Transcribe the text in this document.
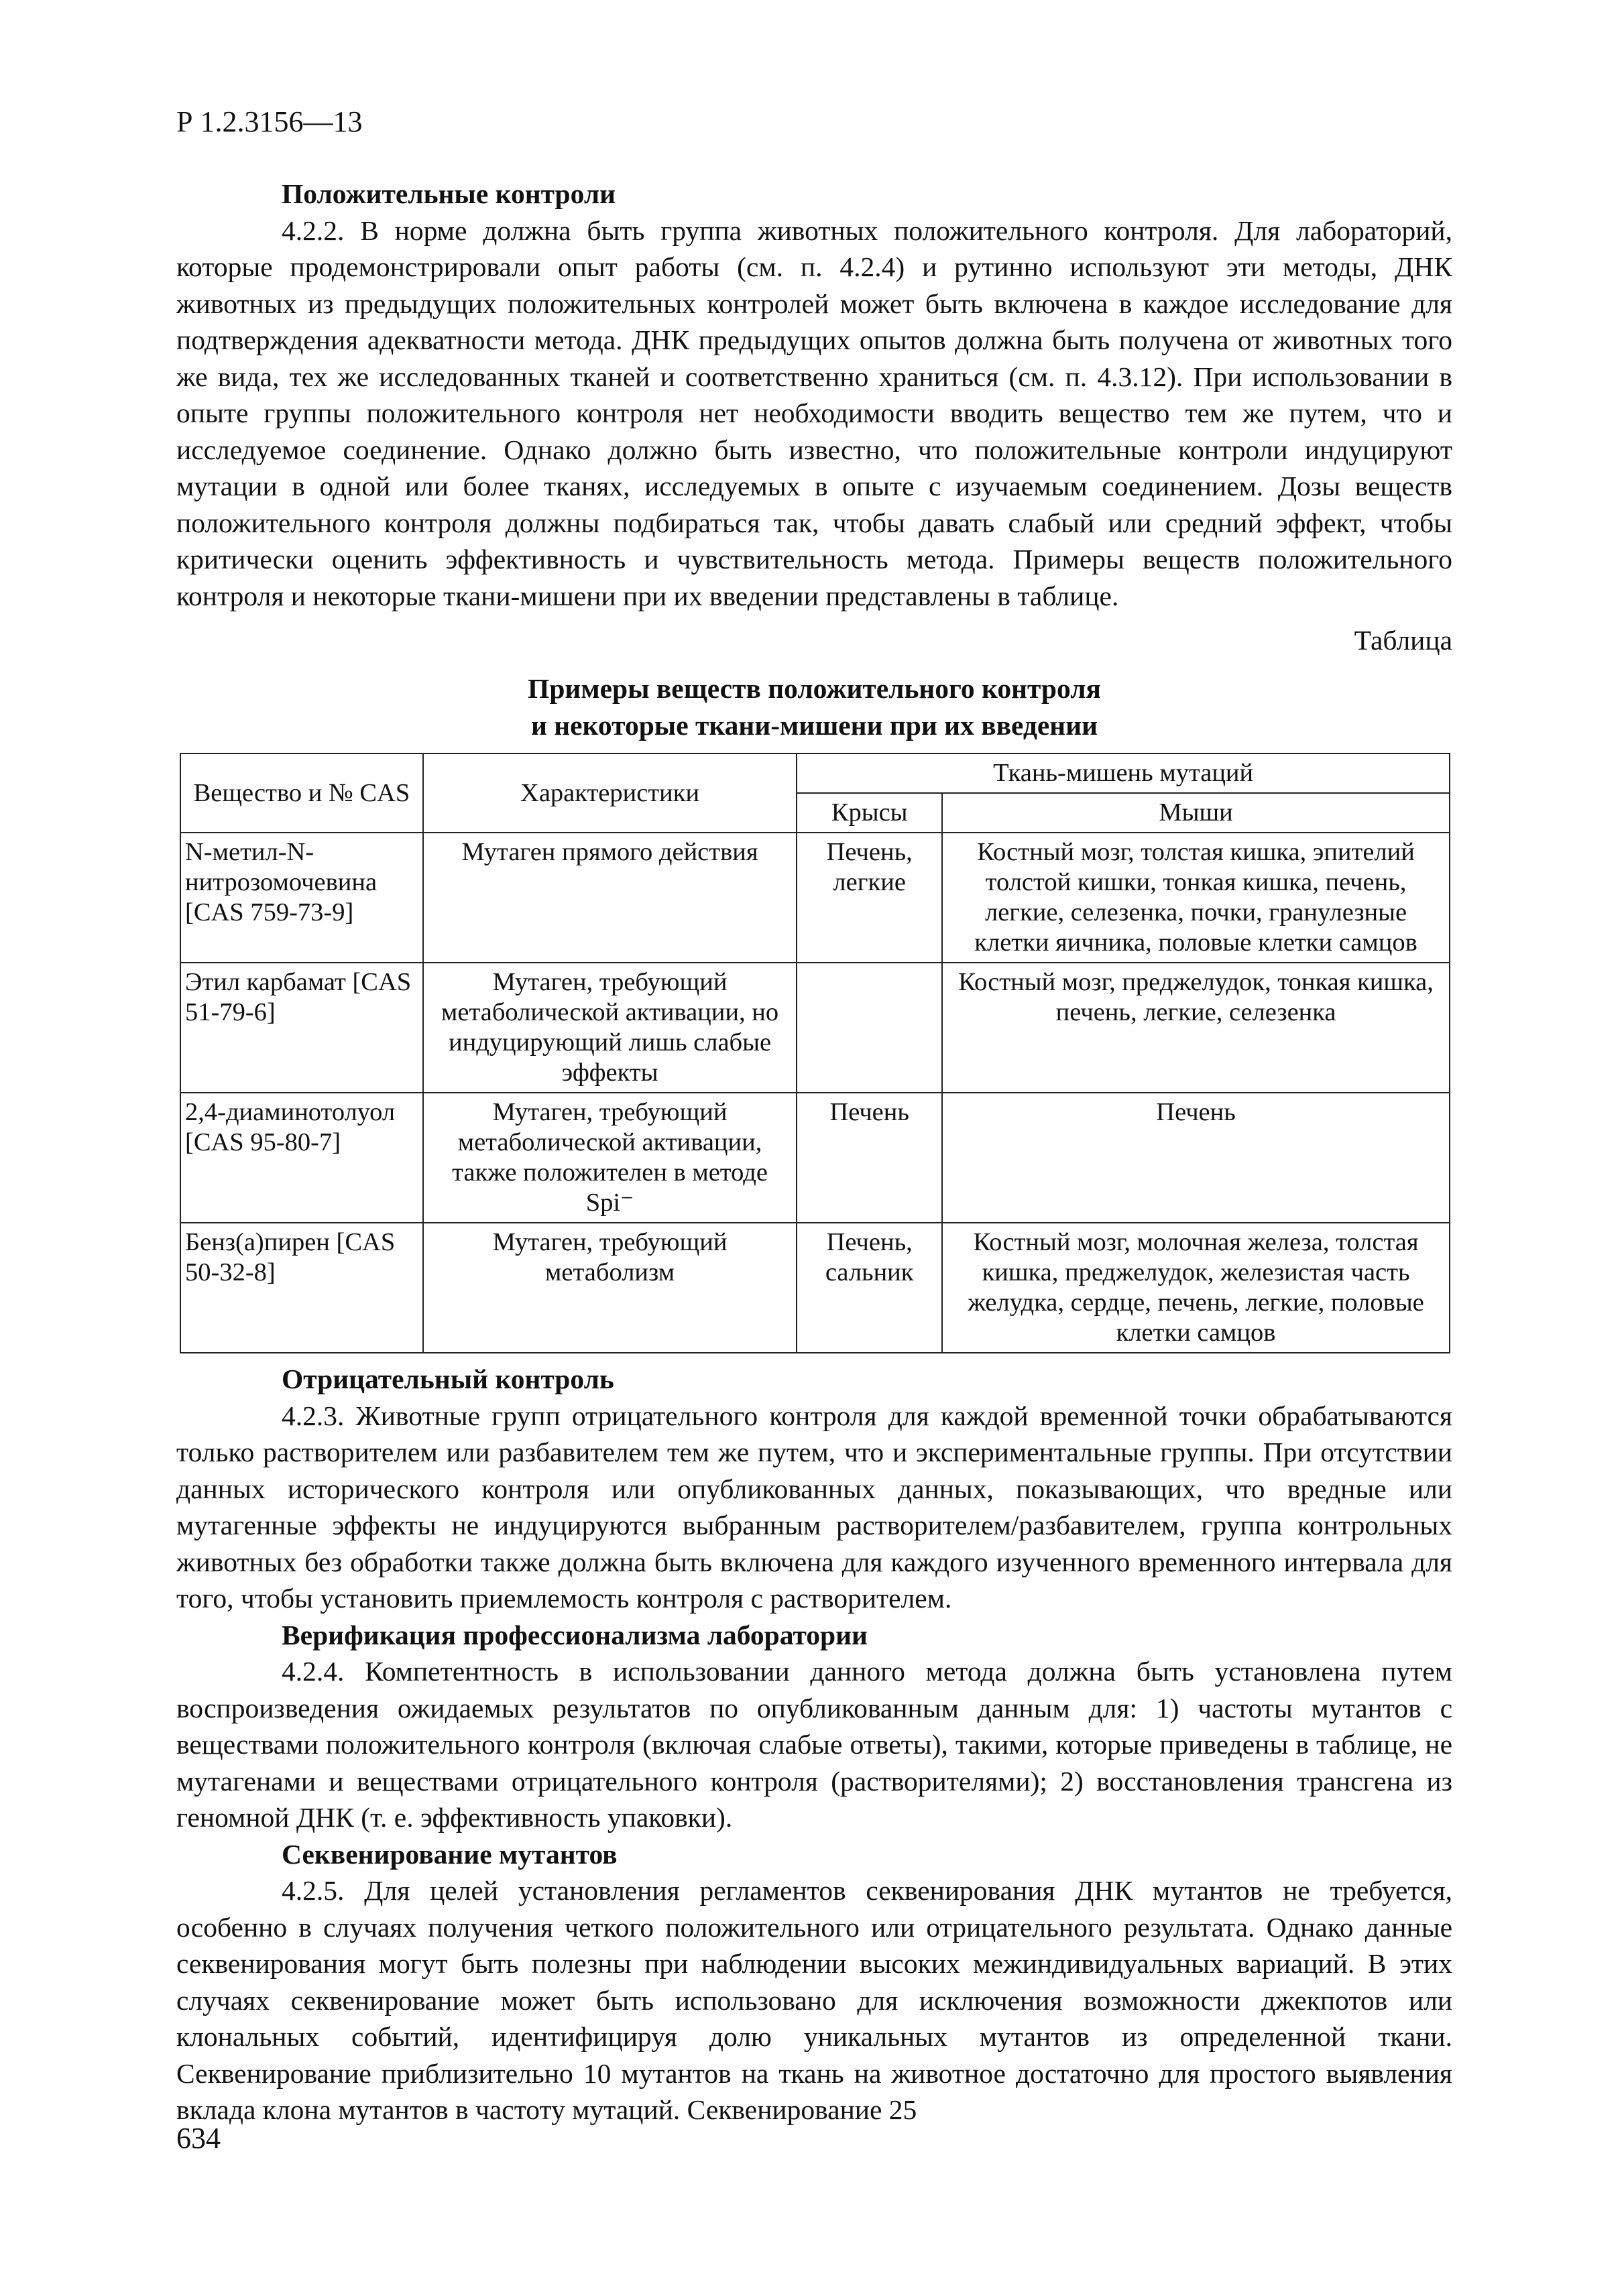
Р 1.2.3156—13
Положительные контроли
4.2.2. В норме должна быть группа животных положительного контроля. Для лабораторий, которые продемонстрировали опыт работы (см. п. 4.2.4) и рутинно используют эти методы, ДНК животных из предыдущих положительных контролей может быть включена в каждое исследование для подтверждения адекватности метода. ДНК предыдущих опытов должна быть получена от животных того же вида, тех же исследованных тканей и соответственно храниться (см. п. 4.3.12). При использовании в опыте группы положительного контроля нет необходимости вводить вещество тем же путем, что и исследуемое соединение. Однако должно быть известно, что положительные контроли индуцируют мутации в одной или более тканях, исследуемых в опыте с изучаемым соединением. Дозы веществ положительного контроля должны подбираться так, чтобы давать слабый или средний эффект, чтобы критически оценить эффективность и чувствительность метода. Примеры веществ положительного контроля и некоторые ткани-мишени при их введении представлены в таблице.
Таблица
Примеры веществ положительного контроля
и некоторые ткани-мишени при их введении
Вещество и № CAS	Характеристики	Ткань-мишень мутаций	
		Крысы	Мыши
N-метил-N-нитрозомочевина [CAS 759-73-9]	Мутаген прямого действия	Печень, легкие	Костный мозг, толстая кишка, эпителий толстой кишки, тонкая кишка, печень, легкие, селезенка, почки, гранулезные клетки яичника, половые клетки самцов
Этил карбамат [CAS 51-79-6]	Мутаген, требующий метаболической активации, но индуцирующий лишь слабые эффекты		Костный мозг, преджелудок, тонкая кишка, печень, легкие, селезенка
2,4-диаминотолуол [CAS 95-80-7]	Мутаген, требующий метаболической активации, также положителен в методе Spi⁻	Печень	Печень
Бенз(а)пирен [CAS 50-32-8]	Мутаген, требующий метаболизм	Печень, сальник	Костный мозг, молочная железа, толстая кишка, преджелудок, железистая часть желудка, сердце, печень, легкие, половые клетки самцов
Отрицательный контроль
4.2.3. Животные групп отрицательного контроля для каждой временной точки обрабатываются только растворителем или разбавителем тем же путем, что и экспериментальные группы. При отсутствии данных исторического контроля или опубликованных данных, показывающих, что вредные или мутагенные эффекты не индуцируются выбранным растворителем/разбавителем, группа контрольных животных без обработки также должна быть включена для каждого изученного временного интервала для того, чтобы установить приемлемость контроля с растворителем.
Верификация профессионализма лаборатории
4.2.4. Компетентность в использовании данного метода должна быть установлена путем воспроизведения ожидаемых результатов по опубликованным данным для: 1) частоты мутантов с веществами положительного контроля (включая слабые ответы), такими, которые приведены в таблице, не мутагенами и веществами отрицательного контроля (растворителями); 2) восстановления трансгена из геномной ДНК (т. е. эффективность упаковки).
Секвенирование мутантов
4.2.5. Для целей установления регламентов секвенирования ДНК мутантов не требуется, особенно в случаях получения четкого положительного или отрицательного результата. Однако данные секвенирования могут быть полезны при наблюдении высоких межиндивидуальных вариаций. В этих случаях секвенирование может быть использовано для исключения возможности джекпотов или клональных событий, идентифицируя долю уникальных мутантов из определенной ткани. Секвенирование приблизительно 10 мутантов на ткань на животное достаточно для простого выявления вклада клона мутантов в частоту мутаций. Секвенирование 25
634
